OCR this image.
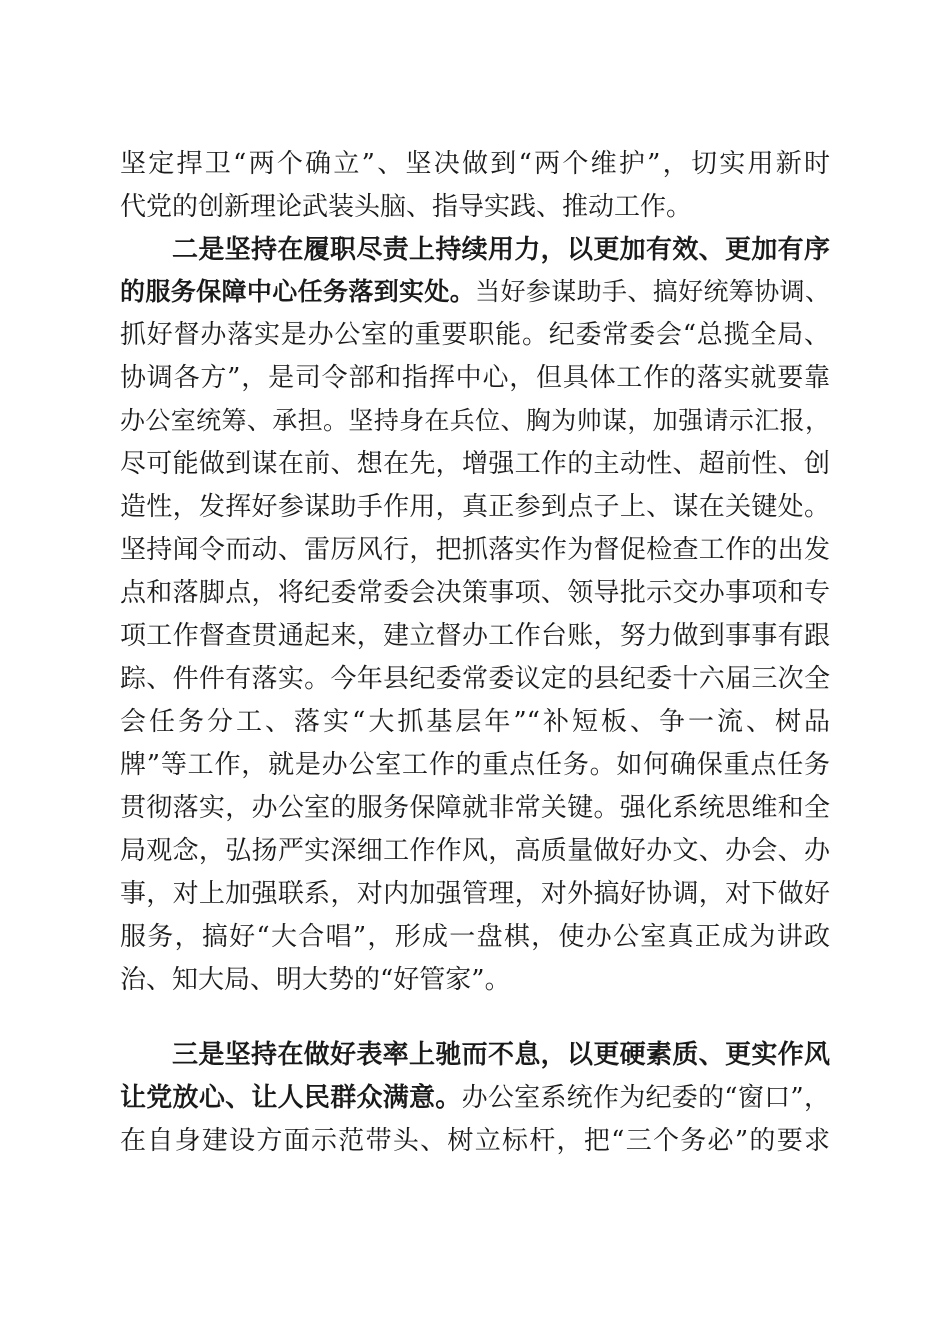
坚定捍卫“两个确立”、坚决做到“两个维护”，切实用新时
代党的创新理论武装头脑、指导实践、推动工作。
二是坚持在履职尽责上持续用力，以更加有效、更加有序
的服务保障中心任务落到实处。当好参谋助手、搞好统筹协调、
抓好督办落实是办公室的重要职能。纪委常委会“总揽全局、
协调各方”，是司令部和指挥中心，但具体工作的落实就要靠
办公室统筹、承担。坚持身在兵位、胸为帅谋，加强请示汇报，
尽可能做到谋在前、想在先，增强工作的主动性、超前性、创
造性，发挥好参谋助手作用，真正参到点子上、谋在关键处。
坚持闻令而动、雷厉风行，把抓落实作为督促检查工作的出发
点和落脚点，将纪委常委会决策事项、领导批示交办事项和专
项工作督查贯通起来，建立督办工作台账，努力做到事事有跟
踪、件件有落实。今年县纪委常委议定的县纪委十六届三次全
会任务分工、落实“大抓基层年”“补短板、争一流、树品
牌”等工作，就是办公室工作的重点任务。如何确保重点任务
贯彻落实，办公室的服务保障就非常关键。强化系统思维和全
局观念，弘扬严实深细工作作风，高质量做好办文、办会、办
事，对上加强联系，对内加强管理，对外搞好协调，对下做好
服务，搞好“大合唱”，形成一盘棋，使办公室真正成为讲政
治、知大局、明大势的“好管家”。
三是坚持在做好表率上驰而不息，以更硬素质、更实作风
让党放心、让人民群众满意。办公室系统作为纪委的“窗口”，
在自身建设方面示范带头、树立标杆，把“三个务必”的要求
